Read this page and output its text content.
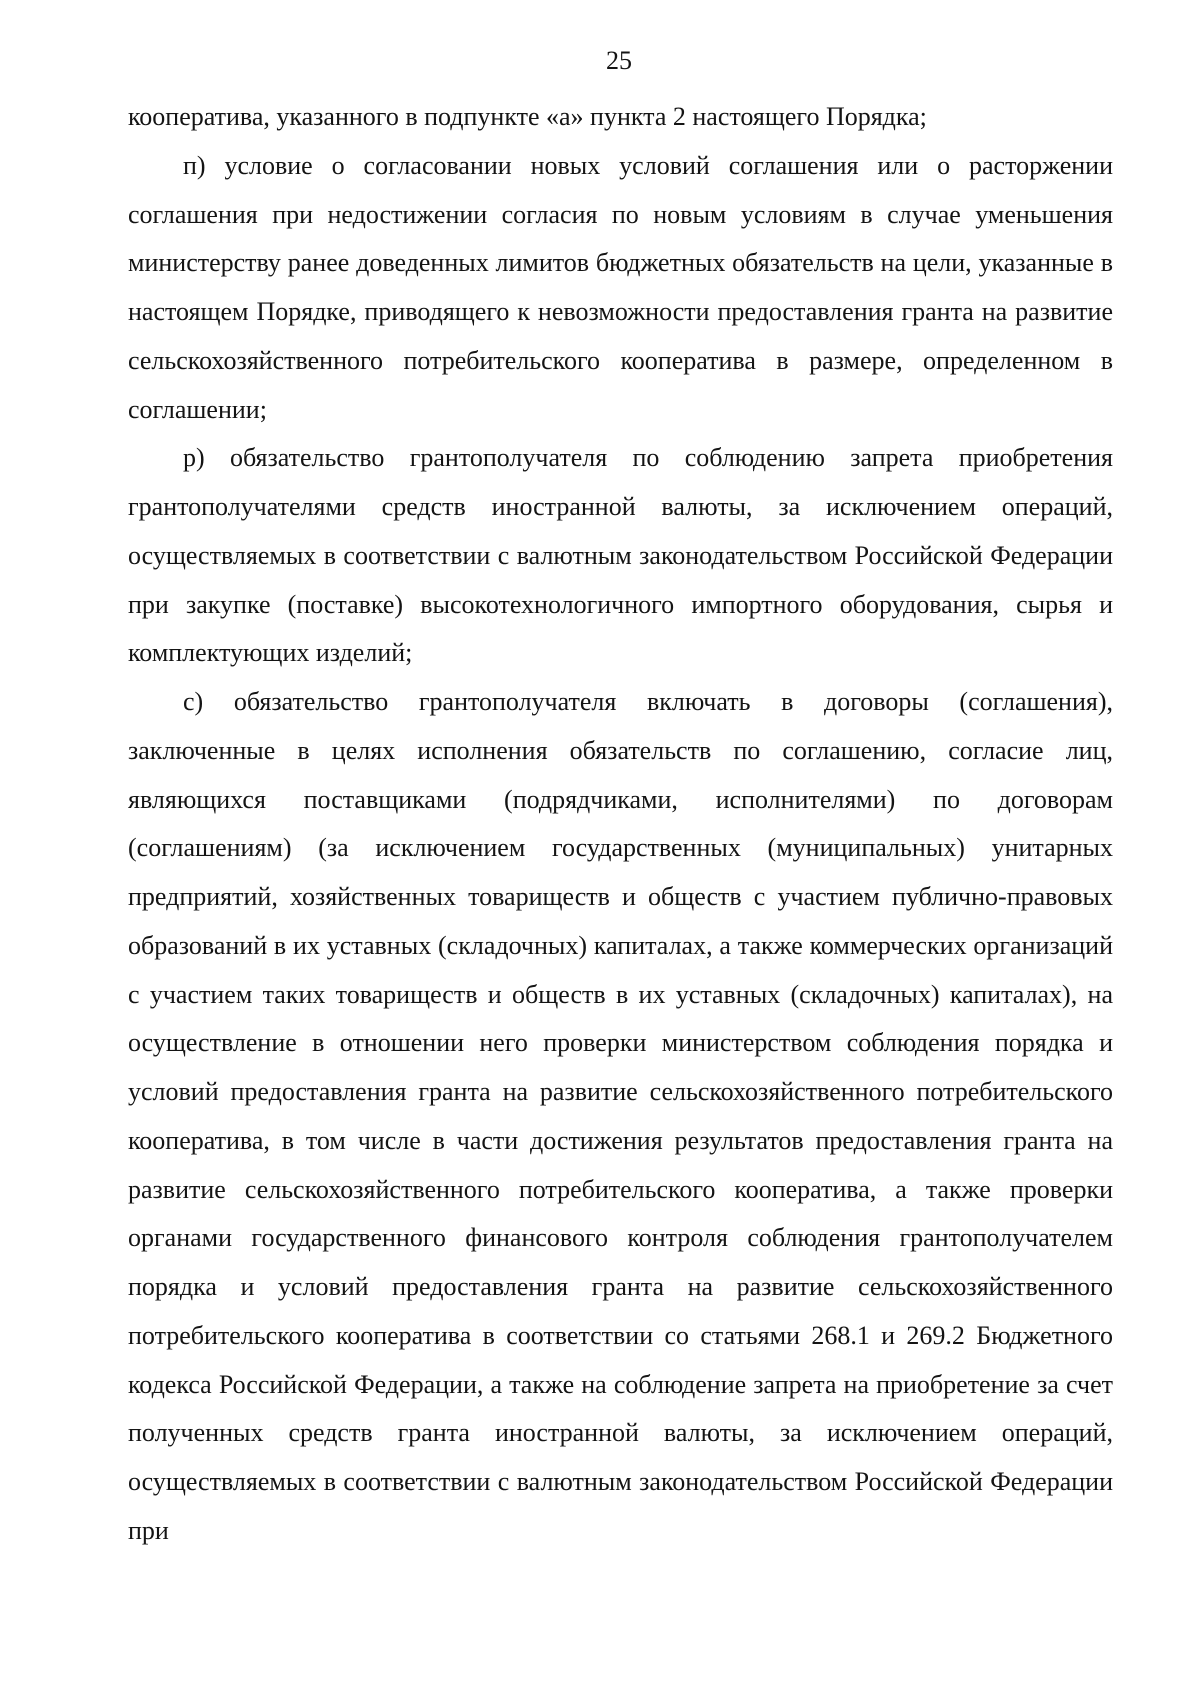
25

кооператива, указанного в подпункте «а» пункта 2 настоящего Порядка;

п) условие о согласовании новых условий соглашения или о расторжении соглашения при недостижении согласия по новым условиям в случае уменьшения министерству ранее доведенных лимитов бюджетных обязательств на цели, указанные в настоящем Порядке, приводящего к невозможности предоставления гранта на развитие сельскохозяйственного потребительского кооператива в размере, определенном в соглашении;

р) обязательство грантополучателя по соблюдению запрета приобретения грантополучателями средств иностранной валюты, за исключением операций, осуществляемых в соответствии с валютным законодательством Российской Федерации при закупке (поставке) высокотехнологичного импортного оборудования, сырья и комплектующих изделий;

с) обязательство грантополучателя включать в договоры (соглашения), заключенные в целях исполнения обязательств по соглашению, согласие лиц, являющихся поставщиками (подрядчиками, исполнителями) по договорам (соглашениям) (за исключением государственных (муниципальных) унитарных предприятий, хозяйственных товариществ и обществ с участием публично-правовых образований в их уставных (складочных) капиталах, а также коммерческих организаций с участием таких товариществ и обществ в их уставных (складочных) капиталах), на осуществление в отношении него проверки министерством соблюдения порядка и условий предоставления гранта на развитие сельскохозяйственного потребительского кооператива, в том числе в части достижения результатов предоставления гранта на развитие сельскохозяйственного потребительского кооператива, а также проверки органами государственного финансового контроля соблюдения грантополучателем порядка и условий предоставления гранта на развитие сельскохозяйственного потребительского кооператива в соответствии со статьями 268.1 и 269.2 Бюджетного кодекса Российской Федерации, а также на соблюдение запрета на приобретение за счет полученных средств гранта иностранной валюты, за исключением операций, осуществляемых в соответствии с валютным законодательством Российской Федерации при
